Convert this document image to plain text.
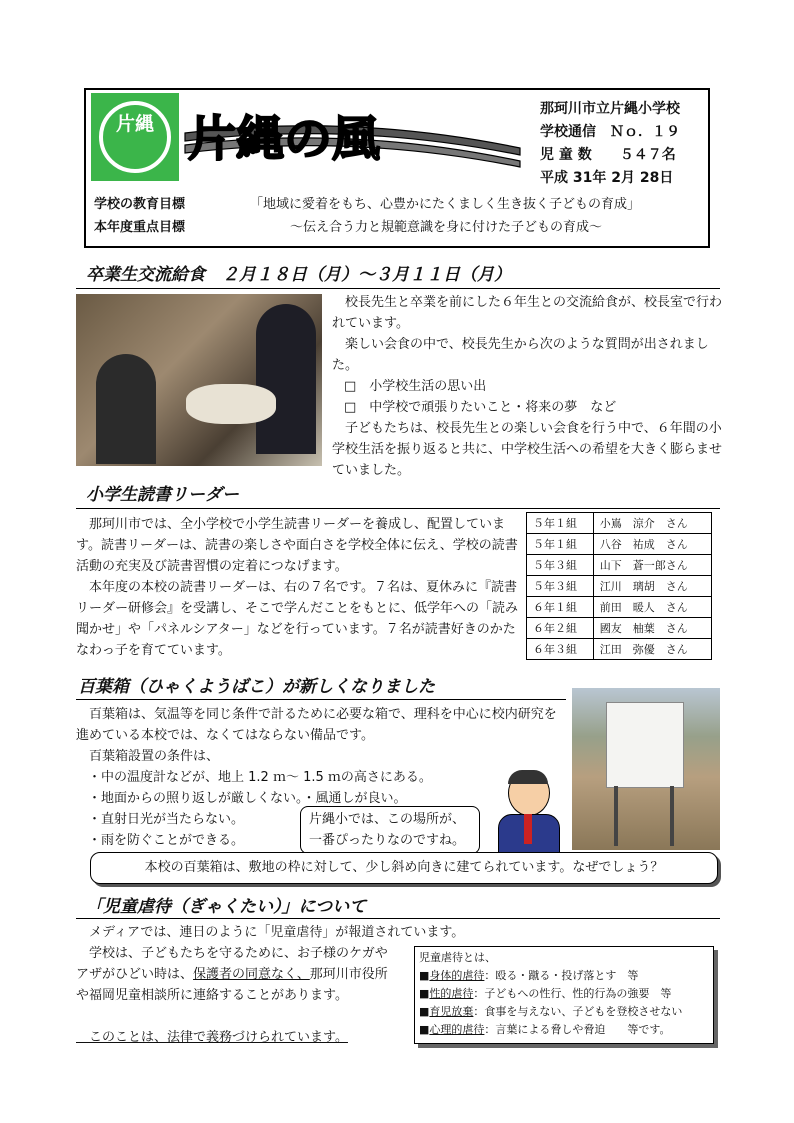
片縄 片縄の風
那珂川市立片縄小学校
学校通信　Ｎｏ．１９
児 童 数　　５４７名
平成 31年 2月 28日
学校の教育目標	「地域に愛着をもち、心豊かにたくましく生き抜く子どもの育成」
本年度重点目標	～伝え合う力と規範意識を身に付けた子どもの育成～
卒業生交流給食　２月１８日（月）～３月１１日（月）
　校長先生と卒業を前にした６年生との交流給食が、校長室で行われています。
　楽しい会食の中で、校長先生から次のような質問が出されました。
□　小学校生活の思い出
□　中学校で頑張りたいこと・将来の夢　など
　子どもたちは、校長先生との楽しい会食を行う中で、６年間の小学校生活を振り返ると共に、中学校生活への希望を大きく膨らませていました。
小学生読書リーダー
　那珂川市では、全小学校で小学生読書リーダーを養成し、配置しています。読書リーダーは、読書の楽しさや面白さを学校全体に伝え、学校の読書活動の充実及び読書習慣の定着につなげます。
　本年度の本校の読書リーダーは、右の７名です。７名は、夏休みに『読書リーダー研修会』を受講し、そこで学んだことをもとに、低学年への「読み聞かせ」や「パネルシアター」などを行っています。７名が読書好きのかたなわっ子を育てています。
５年１組	小嶌　涼介　さん
５年１組	八谷　祐成　さん
５年３組	山下　蒼一郎さん
５年３組	江川　璃胡　さん
６年１組	前田　暖人　さん
６年２組	國友　柚葉　さん
６年３組	江田　弥優　さん
百葉箱（ひゃくようばこ）が新しくなりました
　百葉箱は、気温等を同じ条件で計るために必要な箱で、理科を中心に校内研究を進めている本校では、なくてはならない備品です。
　百葉箱設置の条件は、
・中の温度計などが、地上 1.2 ｍ～ 1.5 ｍの高さにある。
・地面からの照り返しが厳しくない。・風通しが良い。
・直射日光が当たらない。
・雨を防ぐことができる。
片縄小では、この場所が、一番ぴったりなのですね。
本校の百葉箱は、敷地の枠に対して、少し斜め向きに建てられています。なぜでしょう？
「児童虐待（ぎゃくたい）」について
　メディアでは、連日のように「児童虐待」が報道されています。
　学校は、子どもたちを守るために、お子様のケガやアザがひどい時は、保護者の同意なく、那珂川市役所や福岡児童相談所に連絡することがあります。
　このことは、法律で義務づけられています。
児童虐待とは、
■身体的虐待：殴る・蹴る・投げ落とす　等
■性的虐待：子どもへの性行、性的行為の強要　等
■育児放棄：食事を与えない、子どもを登校させない
■心理的虐待：言葉による脅しや脅迫　　等です。
